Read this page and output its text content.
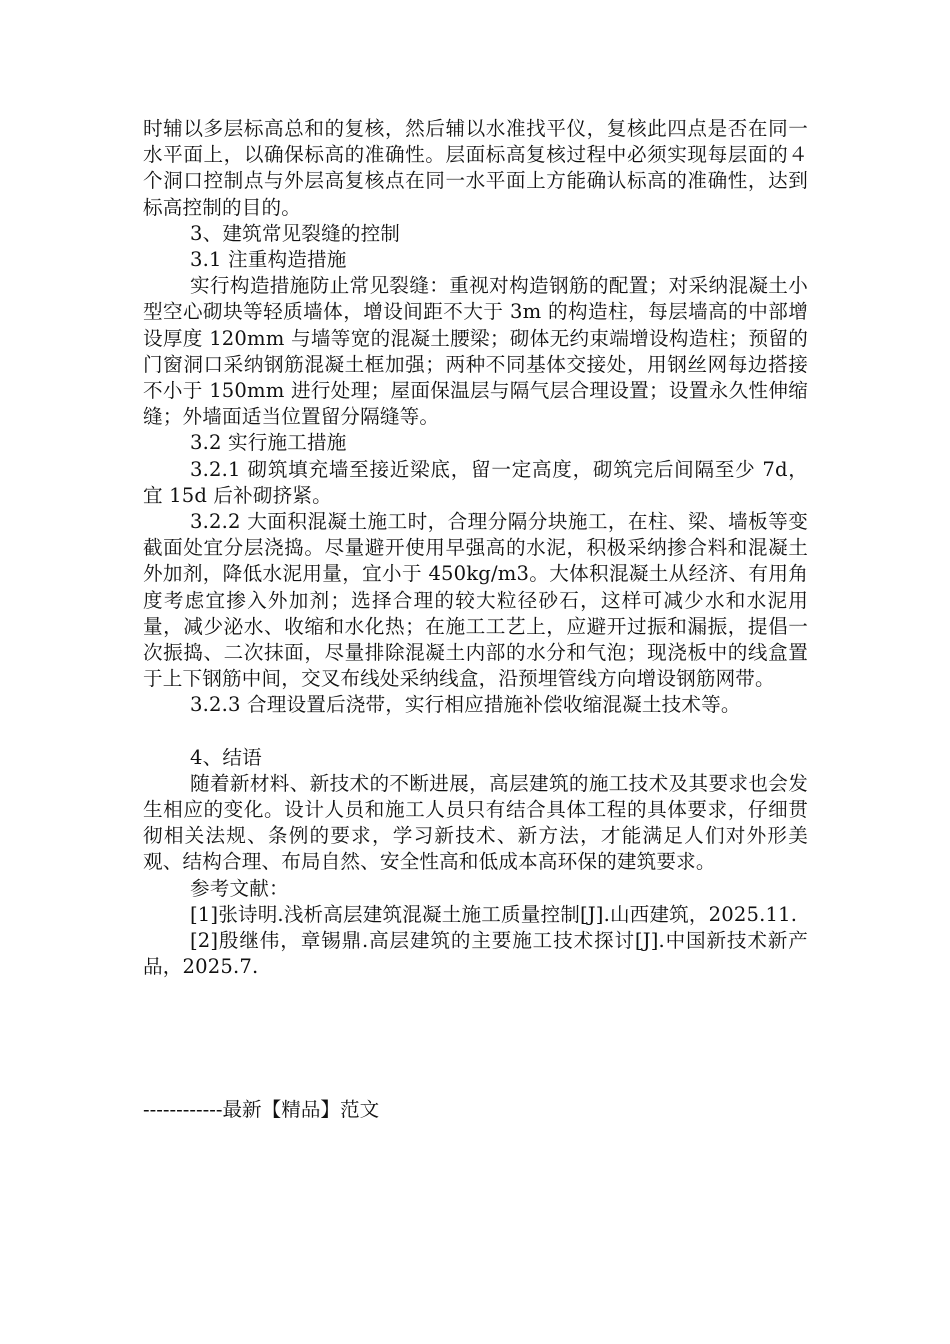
时辅以多层标高总和的复核，然后辅以水准找平仪，复核此四点是否在同一水平面上，以确保标高的准确性。层面标高复核过程中必须实现每层面的４个洞口控制点与外层高复核点在同一水平面上方能确认标高的准确性，达到标高控制的目的。

3、建筑常见裂缝的控制

3.1 注重构造措施

实行构造措施防止常见裂缝：重视对构造钢筋的配置；对采纳混凝土小型空心砌块等轻质墙体，增设间距不大于 3m 的构造柱，每层墙高的中部增设厚度 120mm 与墙等宽的混凝土腰梁；砌体无约束端增设构造柱；预留的门窗洞口采纳钢筋混凝土框加强；两种不同基体交接处，用钢丝网每边搭接不小于 150mm 进行处理；屋面保温层与隔气层合理设置；设置永久性伸缩缝；外墙面适当位置留分隔缝等。

3.2 实行施工措施

3.2.1 砌筑填充墙至接近梁底，留一定高度，砌筑完后间隔至少 7d，宜 15d 后补砌挤紧。

3.2.2 大面积混凝土施工时，合理分隔分块施工，在柱、梁、墙板等变截面处宜分层浇捣。尽量避开使用早强高的水泥，积极采纳掺合料和混凝土外加剂，降低水泥用量，宜小于 450kg/m3。大体积混凝土从经济、有用角度考虑宜掺入外加剂；选择合理的较大粒径砂石，这样可减少水和水泥用量，减少泌水、收缩和水化热；在施工工艺上，应避开过振和漏振，提倡一次振捣、二次抹面，尽量排除混凝土内部的水分和气泡；现浇板中的线盒置于上下钢筋中间，交叉布线处采纳线盒，沿预埋管线方向增设钢筋网带。

3.2.3 合理设置后浇带，实行相应措施补偿收缩混凝土技术等。

4、结语

随着新材料、新技术的不断进展，高层建筑的施工技术及其要求也会发生相应的变化。设计人员和施工人员只有结合具体工程的具体要求，仔细贯彻相关法规、条例的要求，学习新技术、新方法，才能满足人们对外形美观、结构合理、布局自然、安全性高和低成本高环保的建筑要求。

参考文献：

[1]张诗明.浅析高层建筑混凝土施工质量控制[J].山西建筑，2025.11.

[2]殷继伟，章锡鼎.高层建筑的主要施工技术探讨[J].中国新技术新产品，2025.7.

------------最新【精品】范文
